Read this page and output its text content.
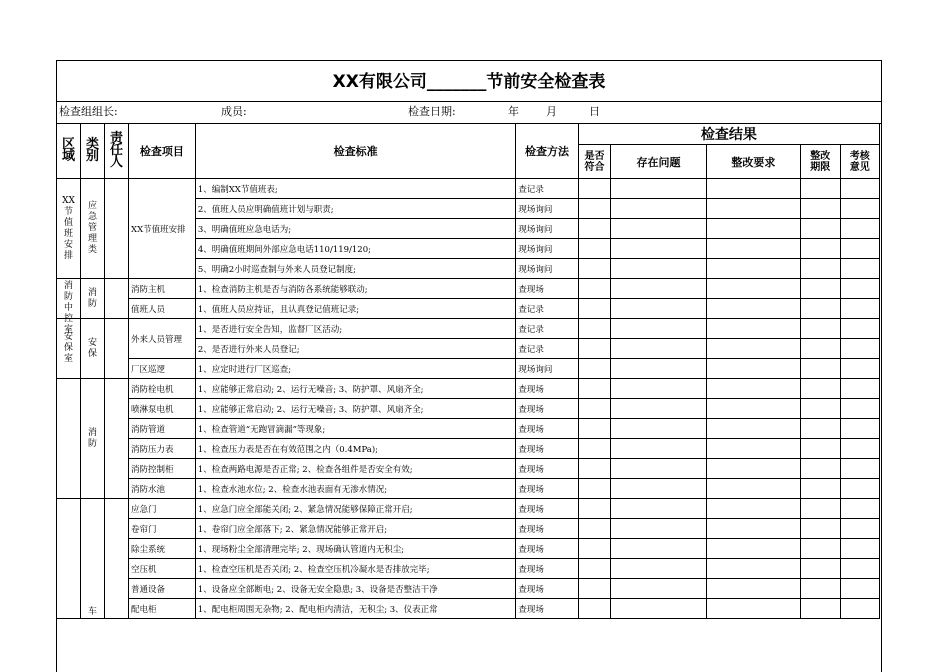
XX有限公司_______节前安全检查表
检查组组长:	成员:	检查日期:	年 月	日
区域	类别	责任人	检查项目	检查标准	检查方法	检查结果				
						是否符合	存在问题	整改要求	整改期限	考核意见
XX节值班安排	应急管理类		XX节值班安排	1、编制XX节值班表;	查记录					
				2、值班人员应明确值班计划与职责;	现场询问					
				3、明确值班应急电话为;	现场询问					
				4、明确值班期间外部应急电话110/119/120;	现场询问					
				5、明确2小时巡查制与外来人员登记制度;	现场询问					

消防中控室	消防		消防主机	1、检查消防主机是否与消防各系统能够联动;	查现场					
			值班人员	1、值班人员应持证，且认真登记值班记录;	查记录					
安保室	安保		外来人员管理	1、是否进行安全告知，监督厂区活动;	查记录					
				2、是否进行外来人员登记;	查记录					
			厂区巡逻	1、应定时进行厂区巡查;	现场询问					
	消防		消防栓电机	1、应能够正常启动; 2、运行无噪音; 3、防护罩、风扇齐全;	查现场					
			喷淋泵电机	1、应能够正常启动; 2、运行无噪音; 3、防护罩、风扇齐全;	查现场					
			消防管道	1、检查管道“无跑冒滴漏”等现象;	查现场					
			消防压力表	1、检查压力表是否在有效范围之内（0.4MPa);	查现场					
			消防控制柜	1、检查两路电源是否正常; 2、检查各组件是否安全有效;	查现场					
			消防水池	1、检查水池水位; 2、检查水池表面有无渗水情况;	查现场					
	车		应急门	1、应急门应全部能关闭; 2、紧急情况能够保障正常开启;	查现场					
			卷帘门	1、卷帘门应全部落下; 2、紧急情况能够正常开启;	查现场					
			除尘系统	1、现场粉尘全部清理完毕; 2、现场确认管道内无积尘;	查现场					
			空压机	1、检查空压机是否关闭; 2、检查空压机冷凝水是否排放完毕;	查现场					
			普通设备	1、设备应全部断电; 2、设备无安全隐患; 3、设备是否整洁干净	查现场					
			配电柜	1、配电柜周围无杂物; 2、配电柜内清洁，无积尘; 3、仪表正常	查现场					
